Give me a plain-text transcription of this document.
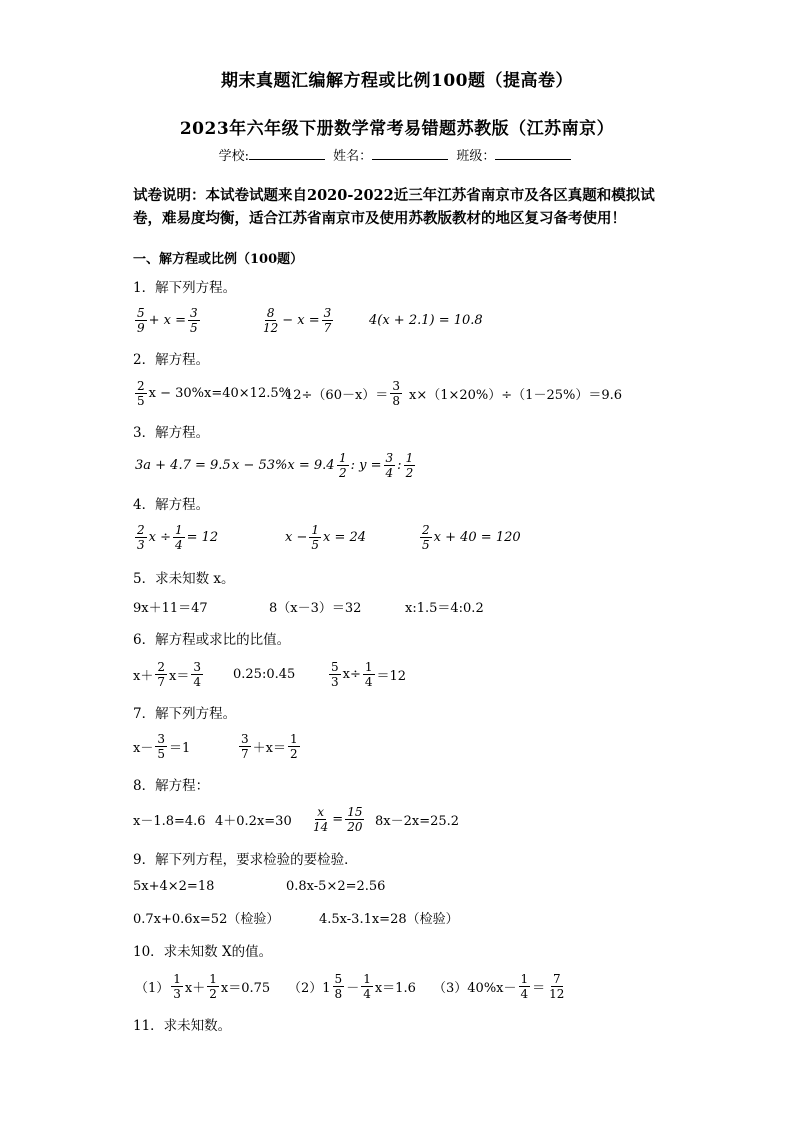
期末真题汇编解方程或比例100题（提高卷）
2023年六年级下册数学常考易错题苏教版（江苏南京）
学校:	姓名：	班级：
试卷说明：本试卷试题来自2020-2022近三年江苏省南京市及各区真题和模拟试卷，难易度均衡，适合江苏省南京市及使用苏教版教材的地区复习备考使用！
一、解方程或比例（100题）
1．解下列方程。
$\frac{5}{9} + x = \frac{3}{5}$	$\frac{8}{12} - x = \frac{3}{7}$	4(x + 2.1) = 10.8
2．解方程。
$\frac{2}{5}$ x − 30%x=40×12.5%
$12\div(60-x)= \frac{3}{8} x\times(1\times 20\%)\div(1-25\%)=9.6$
3．解方程。
3a + 4.7 = 9.5 $x - 53\%x = 9.4 \frac{1}{2}$ : $y = \frac{3}{4}$ : $\frac{1}{2}$
4．解方程。
$\frac{2}{3}$ $x \div \frac{1}{4} = 12$	$x - \frac{1}{5}$ x = 24	$\frac{2}{5}$ x + 40 = 120
5．求未知数 x。
9x＋11＝47	8（x－3）＝32	x:1.5＝4:0.2
6．解方程或求比的比值。
$x+ \frac{2}{7} x= \frac{3}{4}$ 0.25:0.45	$\frac{5}{3} x\div \frac{1}{4} =12$
7．解下列方程。
$x- \frac{3}{5} =1$	$\frac{3}{7} +x= \frac{1}{2}$
8．解方程：
x－1.8=4.6 $4+0.2x=30 \frac{x}{14} = \frac{15}{20} 8x-2x=25.2$
9．解下列方程，要求检验的要检验．
5x+4×2=18	0.8x-5×2=2.56
0.7x+0.6x=52（检验）	4.5x-3.1x=28（检验）
10．求未知数 X的值。
$(1) \frac{1}{3} x+ \frac{1}{2} x=0.75$ $(2)1 \frac{5}{8} - \frac{1}{4} x=1.6$ $(3)40\%x- \frac{1}{4} = \frac{7}{12}$
11．求未知数。
